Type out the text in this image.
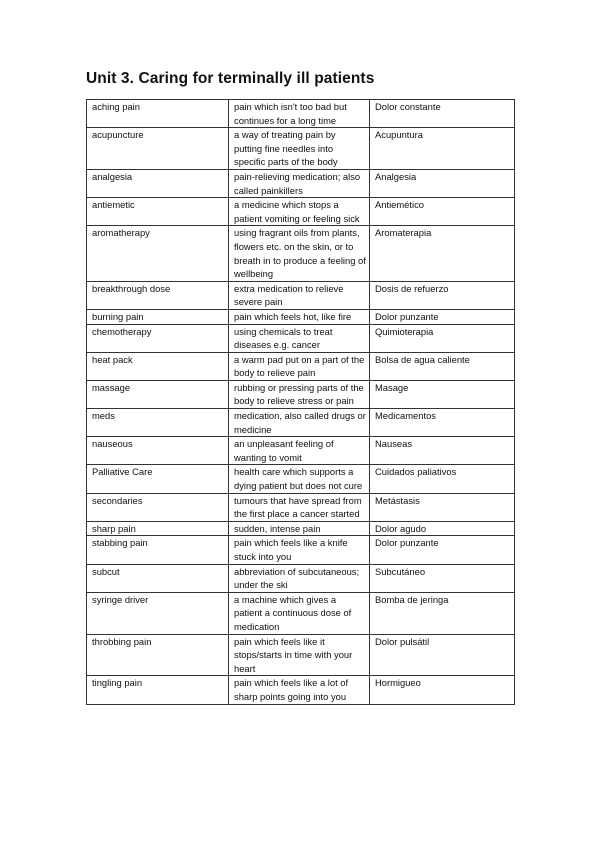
Unit 3. Caring for terminally ill patients
aching pain	pain which isn't too bad but continues for a long time	Dolor constante
acupuncture	a way of treating pain by putting fine needles into specific parts of the body	Acupuntura
analgesia	pain-relieving medication; also called painkillers	Analgesia
antiemetic	a medicine which stops a patient vomiting or feeling sick	Antiemético
aromatherapy	using fragrant oils from plants, flowers etc. on the skin, or to breath in to produce a feeling of wellbeing	Aromaterapia
breakthrough dose	extra medication to relieve severe pain	Dosis de refuerzo
burning pain	pain which feels hot, like fire	Dolor punzante
chemotherapy	using chemicals to treat diseases e.g. cancer	Quimioterapia
heat pack	a warm pad put on a part of the body to relieve pain	Bolsa de agua caliente
massage	rubbing or pressing parts of the body to relieve stress or pain	Masage
meds	medication, also called drugs or medicine	Medicamentos
nauseous	an unpleasant feeling of wanting to vomit	Nauseas
Palliative Care	health care which supports a dying patient but does not cure	Cuidados paliativos
secondaries	tumours that have spread from the first place a cancer started	Metástasis
sharp pain	sudden, intense pain	Dolor agudo
stabbing pain	pain which feels like a knife stuck into you	Dolor punzante
subcut	abbreviation of subcutaneous; under the ski	Subcutáneo
syringe driver	a machine which gives a patient a continuous dose of medication	Bomba de jeringa
throbbing pain	pain which feels like it stops/starts in time with your heart	Dolor pulsátil
tingling pain	pain which feels like a lot of sharp points going into you	Hormigueo
